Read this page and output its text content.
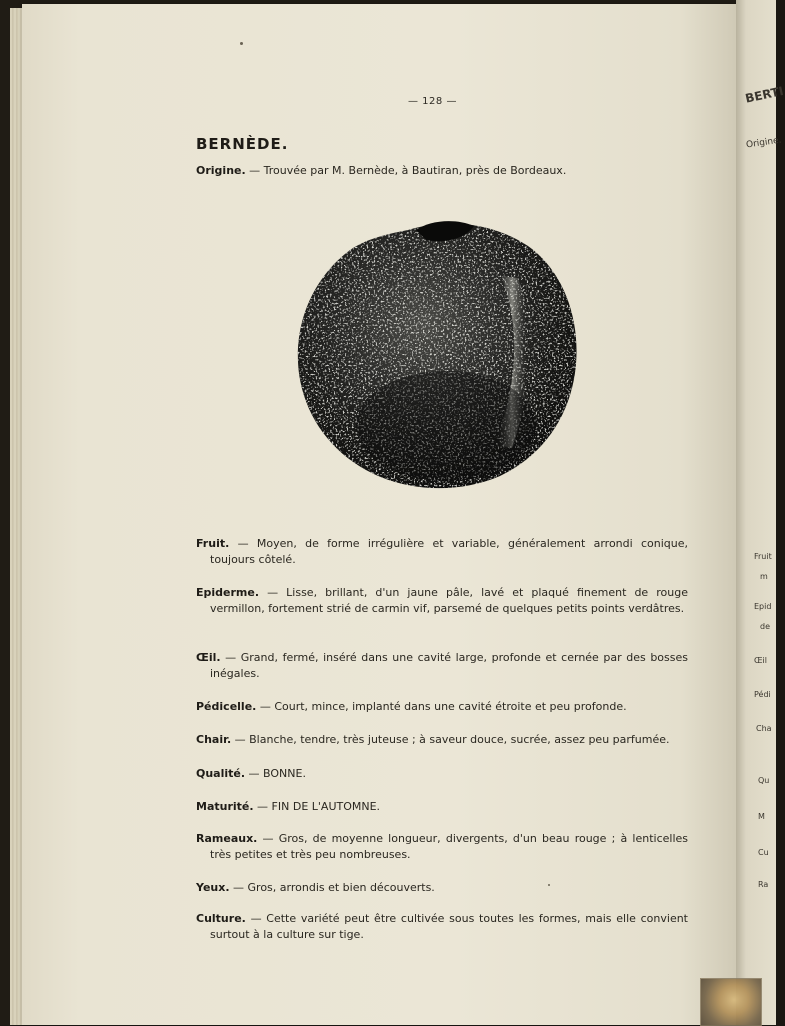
BERTI
Origine.
Fruit
m
Epid
de
Œil
Pédi
Cha
Qu
M
Cu
Ra
— 128 —
BERNÈDE.
Origine. — Trouvée par M. Bernède, à Bautiran, près de Bordeaux.

Fruit. — Moyen, de forme irrégulière et variable, généralement arrondi conique, toujours côtelé.

Epiderme. — Lisse, brillant, d'un jaune pâle, lavé et plaqué finement de rouge vermillon, fortement strié de carmin vif, parsemé de quelques petits points verdâtres.

Œil. — Grand, fermé, inséré dans une cavité large, profonde et cernée par des bosses inégales.

Pédicelle. — Court, mince, implanté dans une cavité étroite et peu profonde.

Chair. — Blanche, tendre, très juteuse ; à saveur douce, sucrée, assez peu parfumée.

Qualité. — BONNE.

Maturité. — FIN DE L'AUTOMNE.

Rameaux. — Gros, de moyenne longueur, divergents, d'un beau rouge ; à lenticelles très petites et très peu nombreuses.

Yeux. — Gros, arrondis et bien découverts.

Culture. — Cette variété peut être cultivée sous toutes les formes, mais elle convient surtout à la culture sur tige.
